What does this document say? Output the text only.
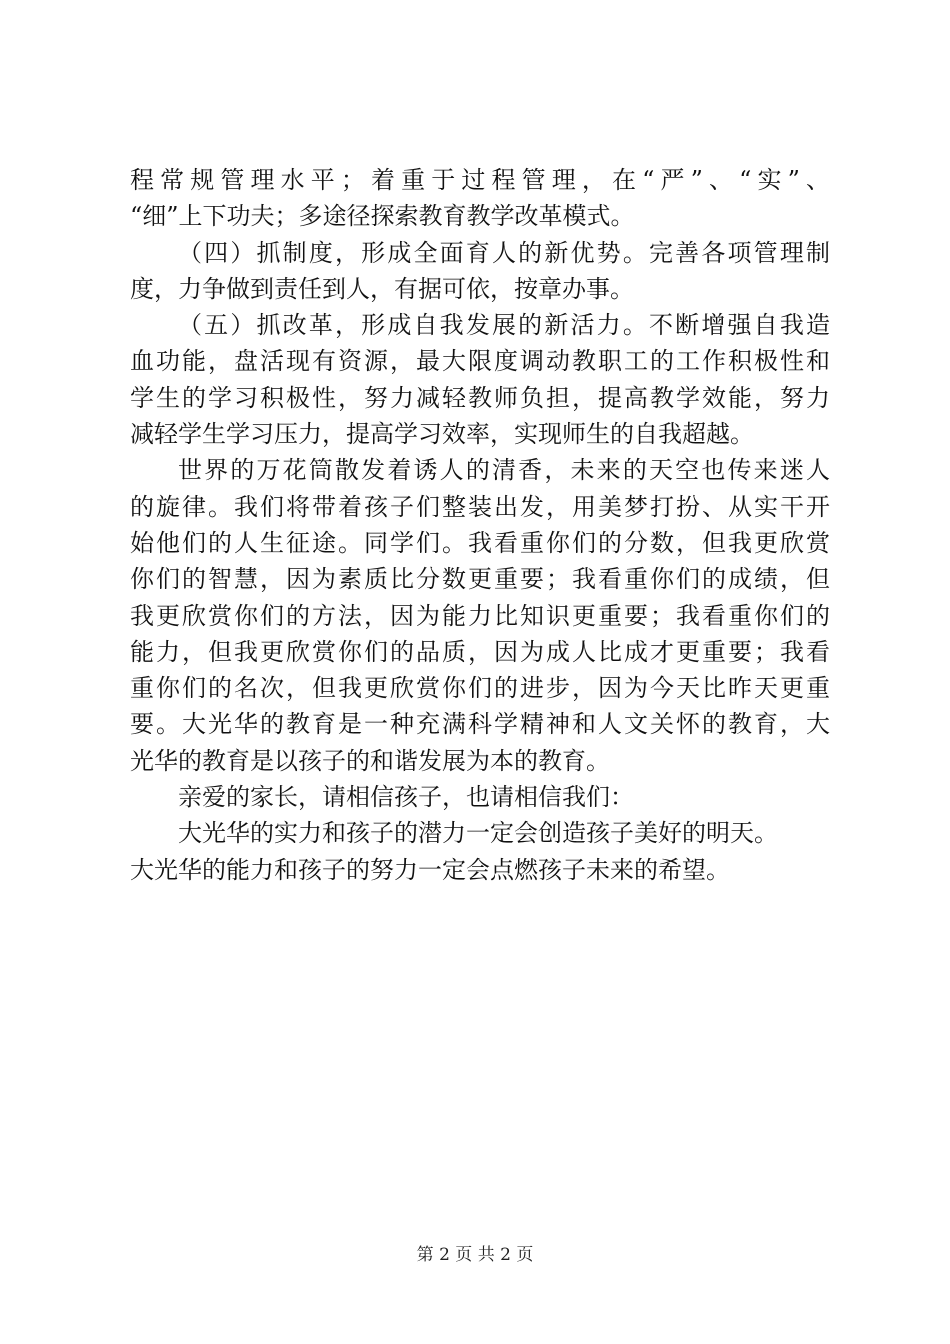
程常规管理水平；着重于过程管理，在“严”、“实”、
“细”上下功夫；多途径探索教育教学改革模式。
（四）抓制度，形成全面育人的新优势。完善各项管理制
度，力争做到责任到人，有据可依，按章办事。
（五）抓改革，形成自我发展的新活力。不断增强自我造
血功能，盘活现有资源，最大限度调动教职工的工作积极性和
学生的学习积极性，努力减轻教师负担，提高教学效能，努力
减轻学生学习压力，提高学习效率，实现师生的自我超越。
世界的万花筒散发着诱人的清香，未来的天空也传来迷人
的旋律。我们将带着孩子们整装出发，用美梦打扮、从实干开
始他们的人生征途。同学们。我看重你们的分数，但我更欣赏
你们的智慧，因为素质比分数更重要；我看重你们的成绩，但
我更欣赏你们的方法，因为能力比知识更重要；我看重你们的
能力，但我更欣赏你们的品质，因为成人比成才更重要；我看
重你们的名次，但我更欣赏你们的进步，因为今天比昨天更重
要。大光华的教育是一种充满科学精神和人文关怀的教育，大
光华的教育是以孩子的和谐发展为本的教育。
亲爱的家长，请相信孩子，也请相信我们：
大光华的实力和孩子的潜力一定会创造孩子美好的明天。
大光华的能力和孩子的努力一定会点燃孩子未来的希望。
第 2 页 共 2 页
